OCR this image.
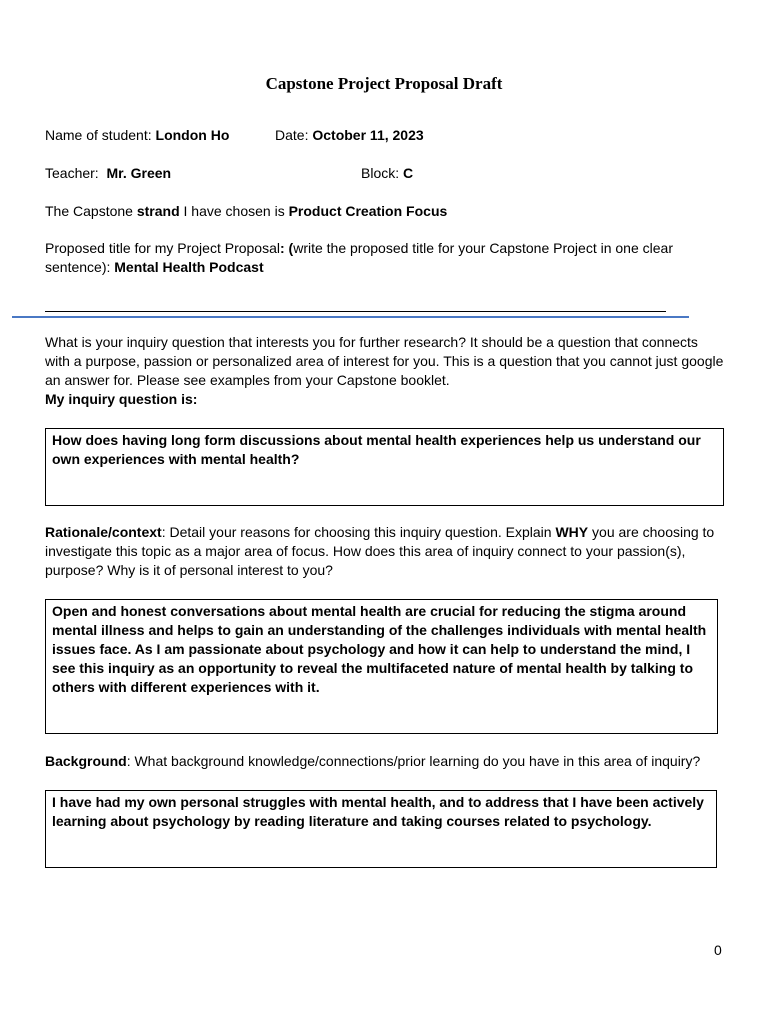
Capstone Project Proposal Draft
Name of student: London Ho	Date: October 11, 2023
Teacher:  Mr. Green	Block: C
The Capstone strand I have chosen is Product Creation Focus
Proposed title for my Project Proposal: (write the proposed title for your Capstone Project in one clear sentence): Mental Health Podcast
What is your inquiry question that interests you for further research? It should be a question that connects with a purpose, passion or personalized area of interest for you. This is a question that you cannot just google an answer for. Please see examples from your Capstone booklet.
My inquiry question is:
How does having long form discussions about mental health experiences help us understand our own experiences with mental health?
Rationale/context: Detail your reasons for choosing this inquiry question. Explain WHY you are choosing to investigate this topic as a major area of focus. How does this area of inquiry connect to your passion(s), purpose? Why is it of personal interest to you?
Open and honest conversations about mental health are crucial for reducing the stigma around mental illness and helps to gain an understanding of the challenges individuals with mental health issues face. As I am passionate about psychology and how it can help to understand the mind, I see this inquiry as an opportunity to reveal the multifaceted nature of mental health by talking to others with different experiences with it.
Background: What background knowledge/connections/prior learning do you have in this area of inquiry?
I have had my own personal struggles with mental health, and to address that I have been actively learning about psychology by reading literature and taking courses related to psychology.
0
